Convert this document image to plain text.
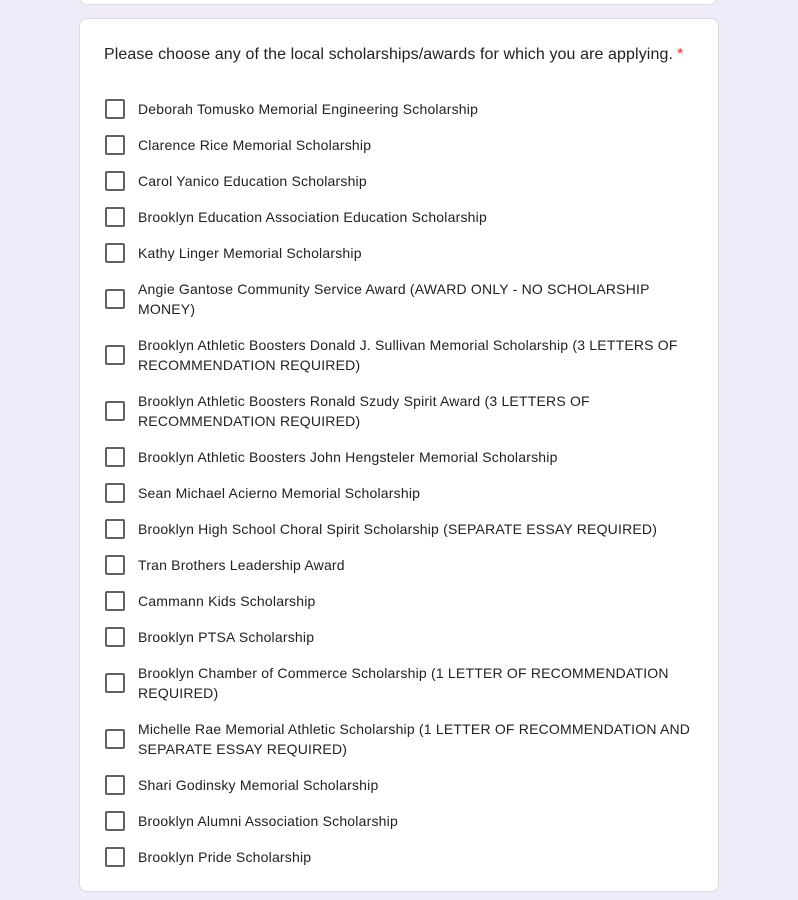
Please choose any of the local scholarships/awards for which you are applying. *
Deborah Tomusko Memorial Engineering Scholarship
Clarence Rice Memorial Scholarship
Carol Yanico Education Scholarship
Brooklyn Education Association Education Scholarship
Kathy Linger Memorial Scholarship
Angie Gantose Community Service Award (AWARD ONLY - NO SCHOLARSHIP MONEY)
Brooklyn Athletic Boosters Donald J. Sullivan Memorial Scholarship (3 LETTERS OF RECOMMENDATION REQUIRED)
Brooklyn Athletic Boosters Ronald Szudy Spirit Award (3 LETTERS OF RECOMMENDATION REQUIRED)
Brooklyn Athletic Boosters John Hengsteler Memorial Scholarship
Sean Michael Acierno Memorial Scholarship
Brooklyn High School Choral Spirit Scholarship (SEPARATE ESSAY REQUIRED)
Tran Brothers Leadership Award
Cammann Kids Scholarship
Brooklyn PTSA Scholarship
Brooklyn Chamber of Commerce Scholarship (1 LETTER OF RECOMMENDATION REQUIRED)
Michelle Rae Memorial Athletic Scholarship (1 LETTER OF RECOMMENDATION AND SEPARATE ESSAY REQUIRED)
Shari Godinsky Memorial Scholarship
Brooklyn Alumni Association Scholarship
Brooklyn Pride Scholarship
